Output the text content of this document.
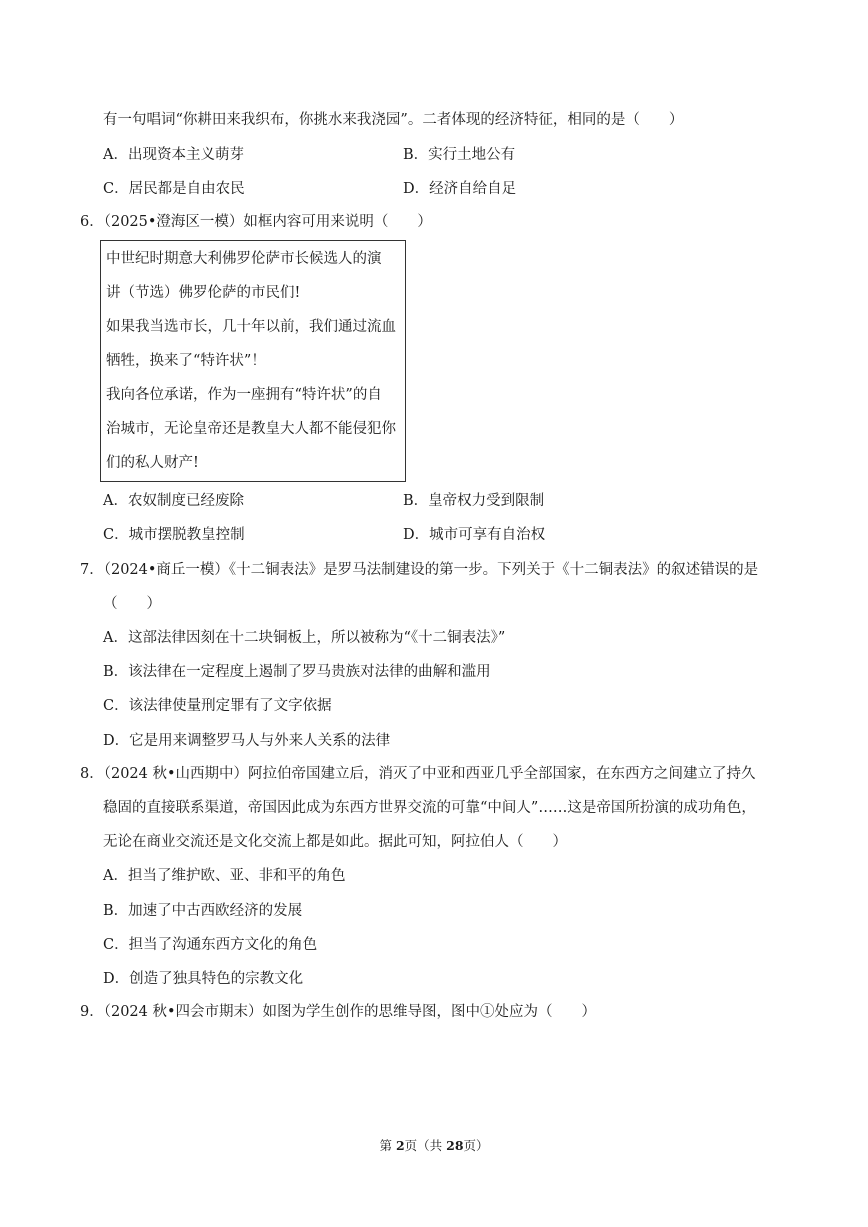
有一句唱词“你耕田来我织布，你挑水来我浇园”。二者体现的经济特征，相同的是（　　）
A．出现资本主义萌芽	B．实行土地公有
C．居民都是自由农民	D．经济自给自足
6．（2025•澄海区一模）如框内容可用来说明（　　）
中世纪时期意大利佛罗伦萨市长候选人的演
讲（节选）佛罗伦萨的市民们!
如果我当选市长，几十年以前，我们通过流血
牺牲，换来了“特许状”！
我向各位承诺，作为一座拥有“特许状”的自
治城市，无论皇帝还是教皇大人都不能侵犯你
们的私人财产!
A．农奴制度已经废除	B．皇帝权力受到限制
C．城市摆脱教皇控制	D．城市可享有自治权
7．（2024•商丘一模）《十二铜表法》是罗马法制建设的第一步。下列关于《十二铜表法》的叙述错误的是
（　　）
A．这部法律因刻在十二块铜板上，所以被称为“《十二铜表法》”
B．该法律在一定程度上遏制了罗马贵族对法律的曲解和滥用
C．该法律使量刑定罪有了文字依据
D．它是用来调整罗马人与外来人关系的法律
8．（2024 秋•山西期中）阿拉伯帝国建立后，消灭了中亚和西亚几乎全部国家，在东西方之间建立了持久
稳固的直接联系渠道，帝国因此成为东西方世界交流的可靠“中间人”……这是帝国所扮演的成功角色，
无论在商业交流还是文化交流上都是如此。据此可知，阿拉伯人（　　）
A．担当了维护欧、亚、非和平的角色
B．加速了中古西欧经济的发展
C．担当了沟通东西方文化的角色
D．创造了独具特色的宗教文化
9．（2024 秋•四会市期末）如图为学生创作的思维导图，图中①处应为（　　）
第 2页（共 28页）
